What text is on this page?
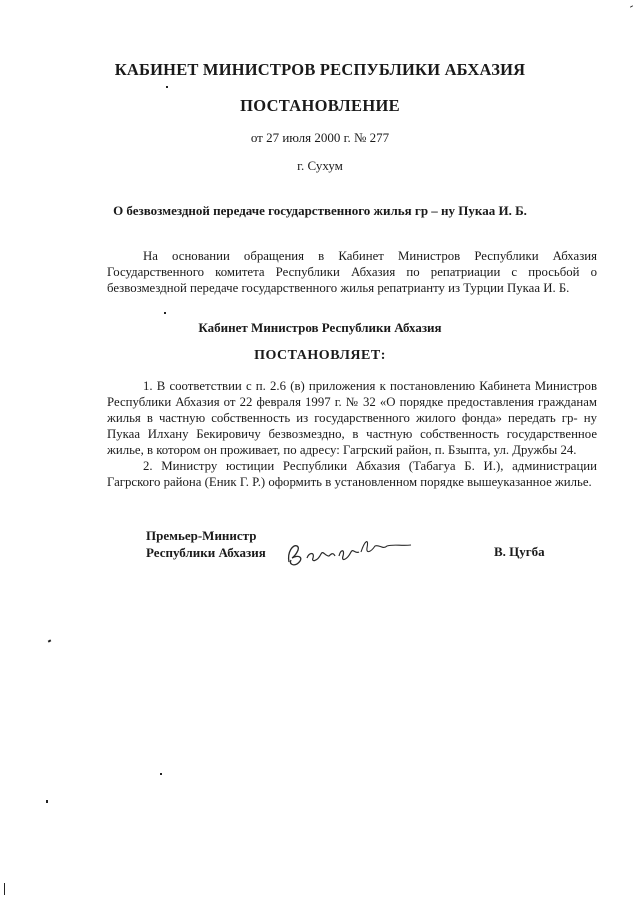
КАБИНЕТ МИНИСТРОВ РЕСПУБЛИКИ АБХАЗИЯ
ПОСТАНОВЛЕНИЕ
от 27 июля 2000 г. № 277
г. Сухум
О безвозмездной передаче государственного жилья гр – ну Пукаа И. Б.
На основании обращения в Кабинет Министров Республики Абхазия Государственного комитета Республики Абхазия по репатриации с просьбой о безвозмездной передаче государственного жилья репатрианту из Турции Пукаа И. Б.
Кабинет Министров Республики Абхазия
ПОСТАНОВЛЯЕТ:

1. В соответствии с п. 2.6 (в) приложения к постановлению Кабинета Министров Республики Абхазия от 22 февраля 1997 г. № 32 «О порядке предоставления гражданам жилья в частную собственность из государственного жилого фонда» передать гр- ну Пукаа Илхану Бекировичу безвозмездно, в частную собственность государственное жилье, в котором он проживает, по адресу: Гагрский район, п. Бзыпта, ул. Дружбы 24.

2. Министру юстиции Республики Абхазия (Табагуа Б. И.), администрации Гагрского района (Еник Г. Р.) оформить в установленном порядке вышеуказанное жилье.

Премьер-Министр
Республики Абхазия	В. Цугба
